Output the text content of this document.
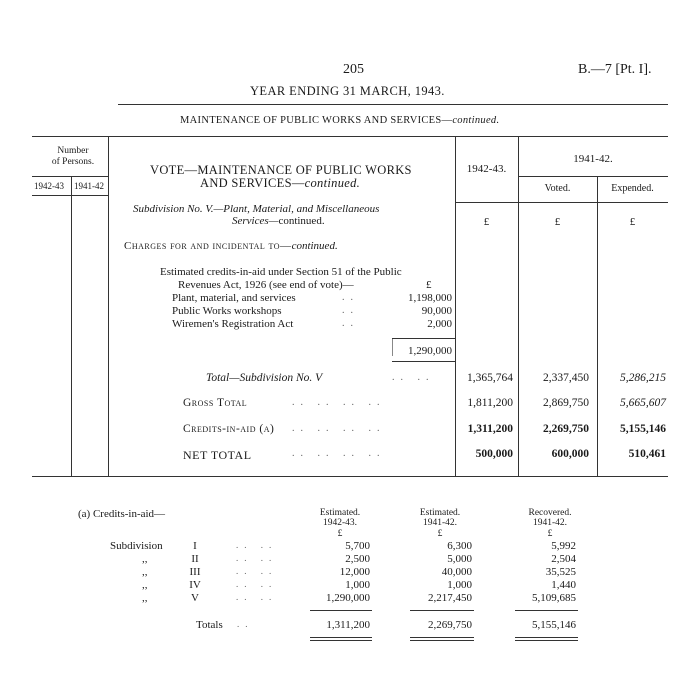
205	B.—7 [Pt. I].
YEAR ENDING 31 MARCH, 1943.
MAINTENANCE OF PUBLIC WORKS AND SERVICES—continued.
Number
of Persons.
1942-43 1941-42
VOTE—MAINTENANCE OF PUBLIC WORKS
AND SERVICES—continued.
1942-43.
1941-42.
Voted.	Expended.
Subdivision No. V.—Plant, Material, and Miscellaneous
Services—continued.	£	£	£
Charges for and incidental to—continued.
Estimated credits-in-aid under Section 51 of the Public
Revenues Act, 1926 (see end of vote)—	£
Plant, material, and services	..	1,198,000
Public Works workshops	..	90,000
Wiremen's Registration Act	..	2,000
1,290,000
Total—Subdivision No. V	.. ..	1,365,764	2,337,450	5,286,215
Gross Total	.. .. .. ..	1,811,200	2,869,750	5,665,607
Credits-in-aid (a) .. .. .. ..	1,311,200	2,269,750	5,155,146
NET TOTAL	.. .. .. ..	500,000	600,000	510,461
(a) Credits-in-aid—	Estimated.
1942-43.
Estimated.
1941-42.
Recovered.
1941-42.
£	£	£
Subdivision	I	.. ..	5,700	6,300	5,992
,,	II	.. ..	2,500	5,000	2,504
,,	III	.. ..	12,000	40,000	35,525
,,	IV	.. ..	1,000	1,000	1,440
,,	V	.. ..	1,290,000	2,217,450	5,109,685
Totals ..	1,311,200	2,269,750	5,155,146
